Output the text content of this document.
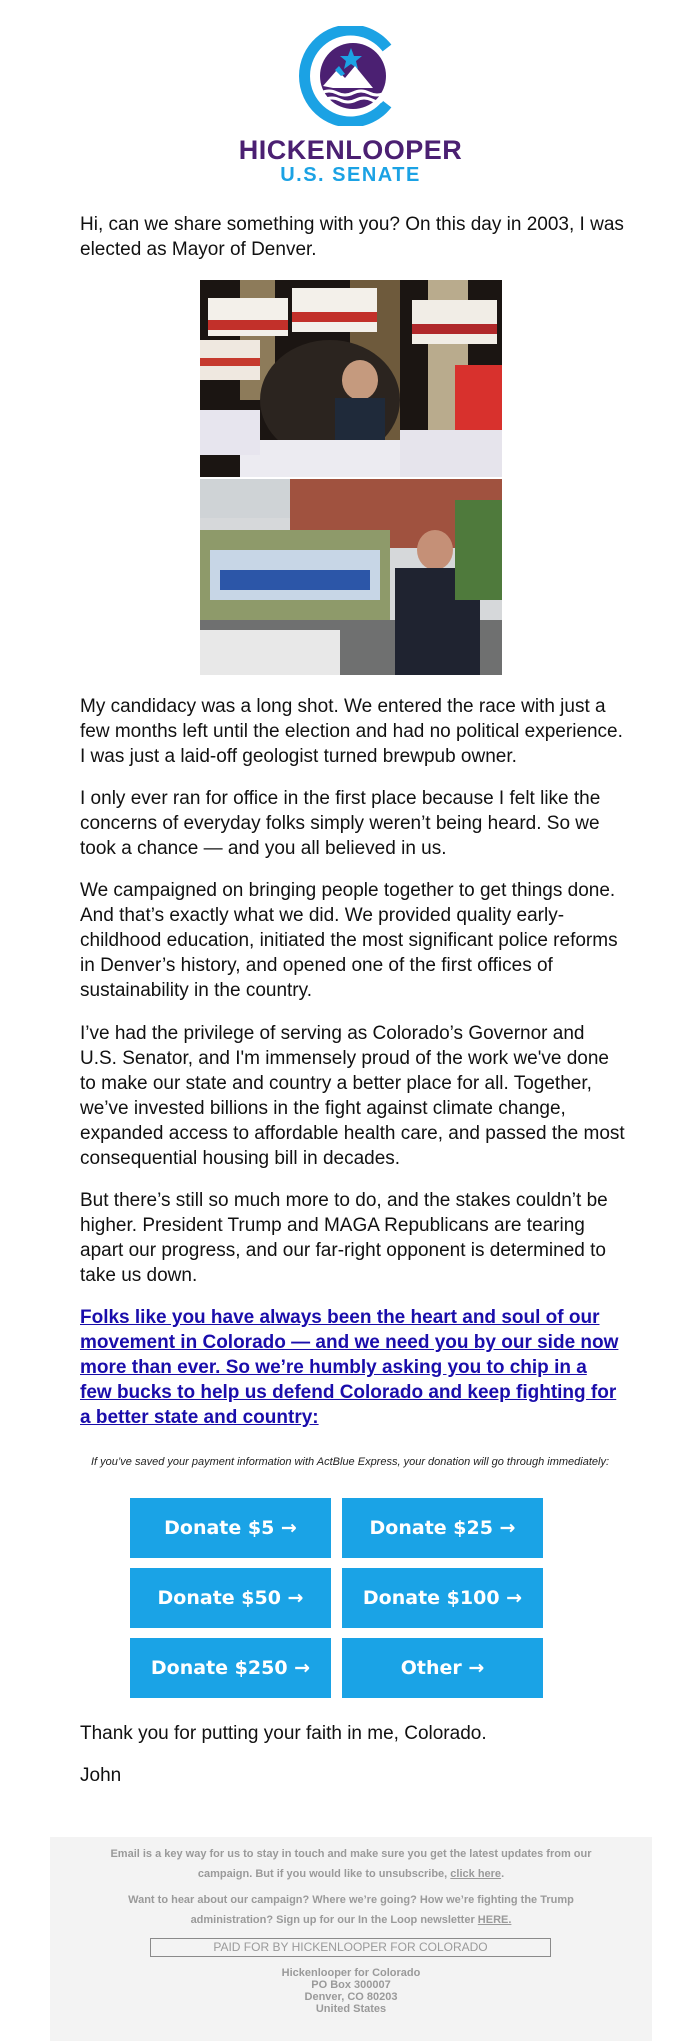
HICKENLOOPER
U.S. SENATE

Hi, can we share something with you? On this day in 2003, I was elected as Mayor of Denver.

My candidacy was a long shot. We entered the race with just a few months left until the election and had no political experience. I was just a laid-off geologist turned brewpub owner.

I only ever ran for office in the first place because I felt like the concerns of everyday folks simply weren’t being heard. So we took a chance — and you all believed in us.

We campaigned on bringing people together to get things done. And that’s exactly what we did. We provided quality early-childhood education, initiated the most significant police reforms in Denver’s history, and opened one of the first offices of sustainability in the country.

I’ve had the privilege of serving as Colorado’s Governor and U.S. Senator, and I'm immensely proud of the work we've done to make our state and country a better place for all. Together, we’ve invested billions in the fight against climate change, expanded access to affordable health care, and passed the most consequential housing bill in decades.

But there’s still so much more to do, and the stakes couldn’t be higher. President Trump and MAGA Republicans are tearing apart our progress, and our far-right opponent is determined to take us down.

Folks like you have always been the heart and soul of our movement in Colorado — and we need you by our side now more than ever. So we’re humbly asking you to chip in a few bucks to help us defend Colorado and keep fighting for a better state and country:

If you’ve saved your payment information with ActBlue Express, your donation will go through immediately:
Donate $5 →	Donate $25 →
Donate $50 →	Donate $100 →
Donate $250 →	Other →
Thank you for putting your faith in me, Colorado.
John
Email is a key way for us to stay in touch and make sure you get the latest updates from our campaign. But if you would like to unsubscribe, click here.
Want to hear about our campaign? Where we’re going? How we’re fighting the Trump administration? Sign up for our In the Loop newsletter HERE.
PAID FOR BY HICKENLOOPER FOR COLORADO
Hickenlooper for Colorado
PO Box 300007
Denver, CO 80203
United States
